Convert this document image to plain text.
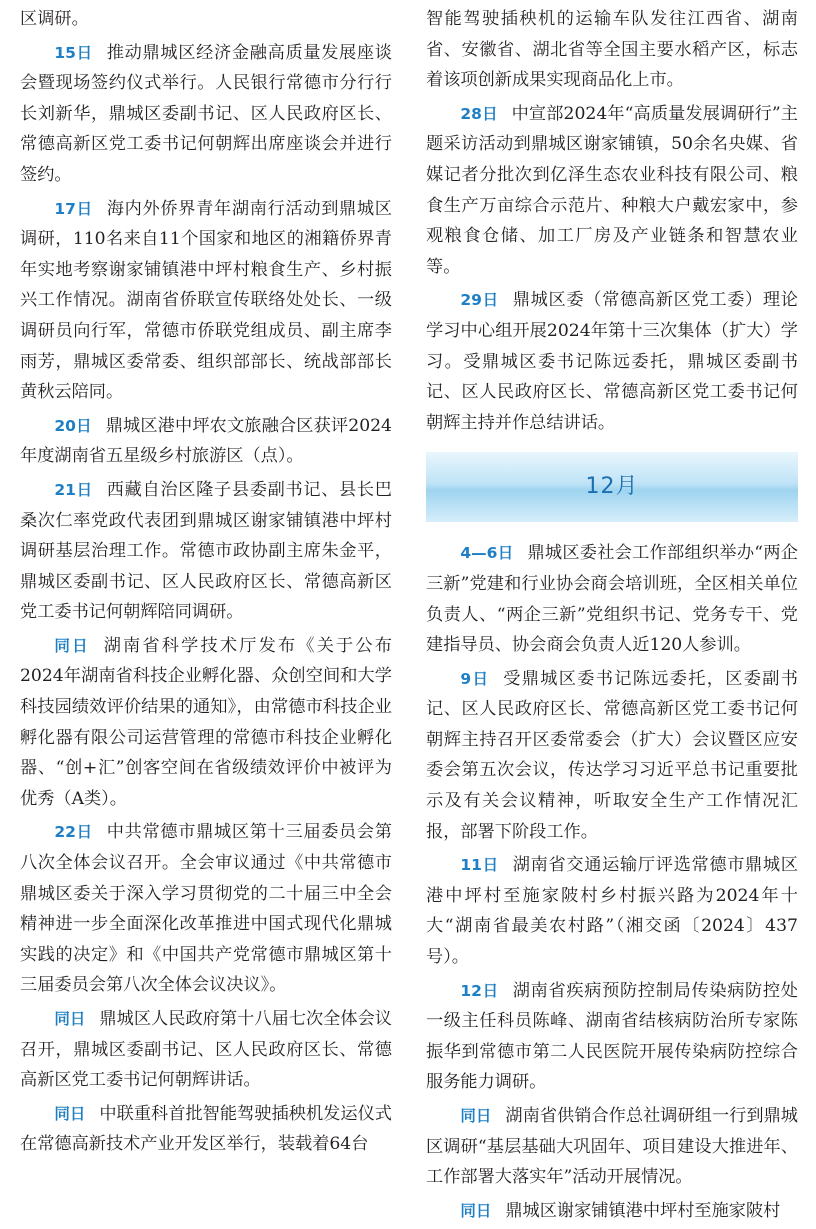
区调研。

15日 推动鼎城区经济金融高质量发展座谈会暨现场签约仪式举行。人民银行常德市分行行长刘新华，鼎城区委副书记、区人民政府区长、常德高新区党工委书记何朝辉出席座谈会并进行签约。

17日 海内外侨界青年湖南行活动到鼎城区调研，110名来自11个国家和地区的湘籍侨界青年实地考察谢家铺镇港中坪村粮食生产、乡村振兴工作情况。湖南省侨联宣传联络处处长、一级调研员向行军，常德市侨联党组成员、副主席李雨芳，鼎城区委常委、组织部部长、统战部部长黄秋云陪同。

20日 鼎城区港中坪农文旅融合区获评2024年度湖南省五星级乡村旅游区（点）。

21日 西藏自治区隆子县委副书记、县长巴桑次仁率党政代表团到鼎城区谢家铺镇港中坪村调研基层治理工作。常德市政协副主席朱金平，鼎城区委副书记、区人民政府区长、常德高新区党工委书记何朝辉陪同调研。

同日 湖南省科学技术厅发布《关于公布2024年湖南省科技企业孵化器、众创空间和大学科技园绩效评价结果的通知》，由常德市科技企业孵化器有限公司运营管理的常德市科技企业孵化器、“创+汇”创客空间在省级绩效评价中被评为优秀（A类）。

22日 中共常德市鼎城区第十三届委员会第八次全体会议召开。全会审议通过《中共常德市鼎城区委关于深入学习贯彻党的二十届三中全会精神进一步全面深化改革推进中国式现代化鼎城实践的决定》和《中国共产党常德市鼎城区第十三届委员会第八次全体会议决议》。

同日 鼎城区人民政府第十八届七次全体会议召开，鼎城区委副书记、区人民政府区长、常德高新区党工委书记何朝辉讲话。

同日 中联重科首批智能驾驶插秧机发运仪式在常德高新技术产业开发区举行，装载着64台

智能驾驶插秧机的运输车队发往江西省、湖南省、安徽省、湖北省等全国主要水稻产区，标志着该项创新成果实现商品化上市。

28日 中宣部2024年“高质量发展调研行”主题采访活动到鼎城区谢家铺镇，50余名央媒、省媒记者分批次到亿泽生态农业科技有限公司、粮食生产万亩综合示范片、种粮大户戴宏家中，参观粮食仓储、加工厂房及产业链条和智慧农业等。

29日 鼎城区委（常德高新区党工委）理论学习中心组开展2024年第十三次集体（扩大）学习。受鼎城区委书记陈远委托，鼎城区委副书记、区人民政府区长、常德高新区党工委书记何朝辉主持并作总结讲话。

12月

4—6日 鼎城区委社会工作部组织举办“两企三新”党建和行业协会商会培训班，全区相关单位负责人、“两企三新”党组织书记、党务专干、党建指导员、协会商会负责人近120人参训。

9日 受鼎城区委书记陈远委托，区委副书记、区人民政府区长、常德高新区党工委书记何朝辉主持召开区委常委会（扩大）会议暨区应安委会第五次会议，传达学习习近平总书记重要批示及有关会议精神，听取安全生产工作情况汇报，部署下阶段工作。

11日 湖南省交通运输厅评选常德市鼎城区港中坪村至施家陂村乡村振兴路为2024年十大“湖南省最美农村路”（湘交函〔2024〕437号）。

12日 湖南省疾病预防控制局传染病防控处一级主任科员陈峰、湖南省结核病防治所专家陈振华到常德市第二人民医院开展传染病防控综合服务能力调研。

同日 湖南省供销合作总社调研组一行到鼎城区调研“基层基础大巩固年、项目建设大推进年、工作部署大落实年”活动开展情况。

同日 鼎城区谢家铺镇港中坪村至施家陂村
